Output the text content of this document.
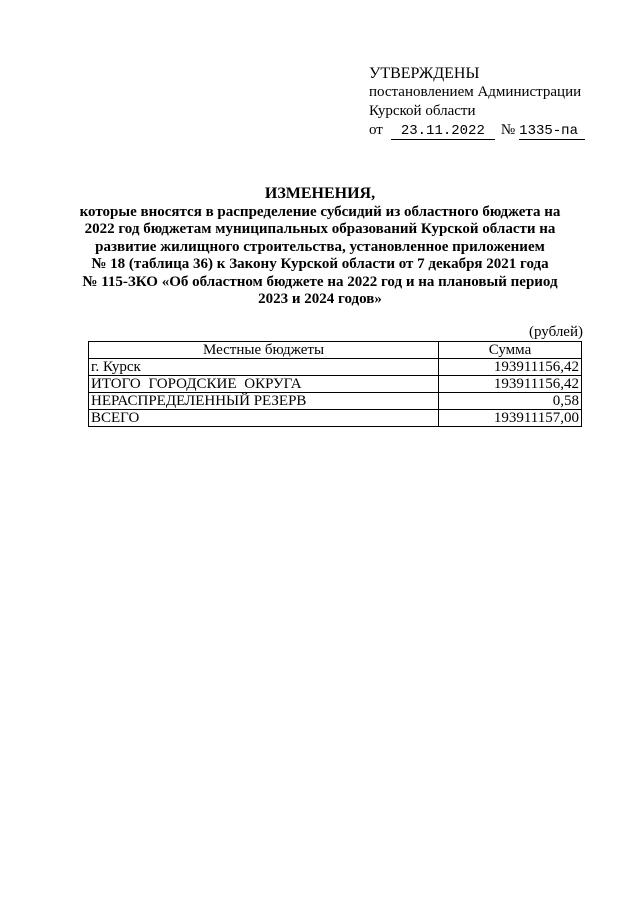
УТВЕРЖДЕНЫ
постановлением Администрации
Курской области
от 23.11.2022 № 1335-па
ИЗМЕНЕНИЯ,
которые вносятся в распределение субсидий из областного бюджета на
2022 год бюджетам муниципальных образований Курской области на
развитие жилищного строительства, установленное приложением
№ 18 (таблица 36) к Закону Курской области от 7 декабря 2021 года
№ 115-ЗКО «Об областном бюджете на 2022 год и на плановый период
2023 и 2024 годов»
(рублей)
Местные бюджеты	Сумма
г. Курск	193911156,42
ИТОГО ГОРОДСКИЕ ОКРУГА	193911156,42
НЕРАСПРЕДЕЛЕННЫЙ РЕЗЕРВ	0,58
ВСЕГО	193911157,00
